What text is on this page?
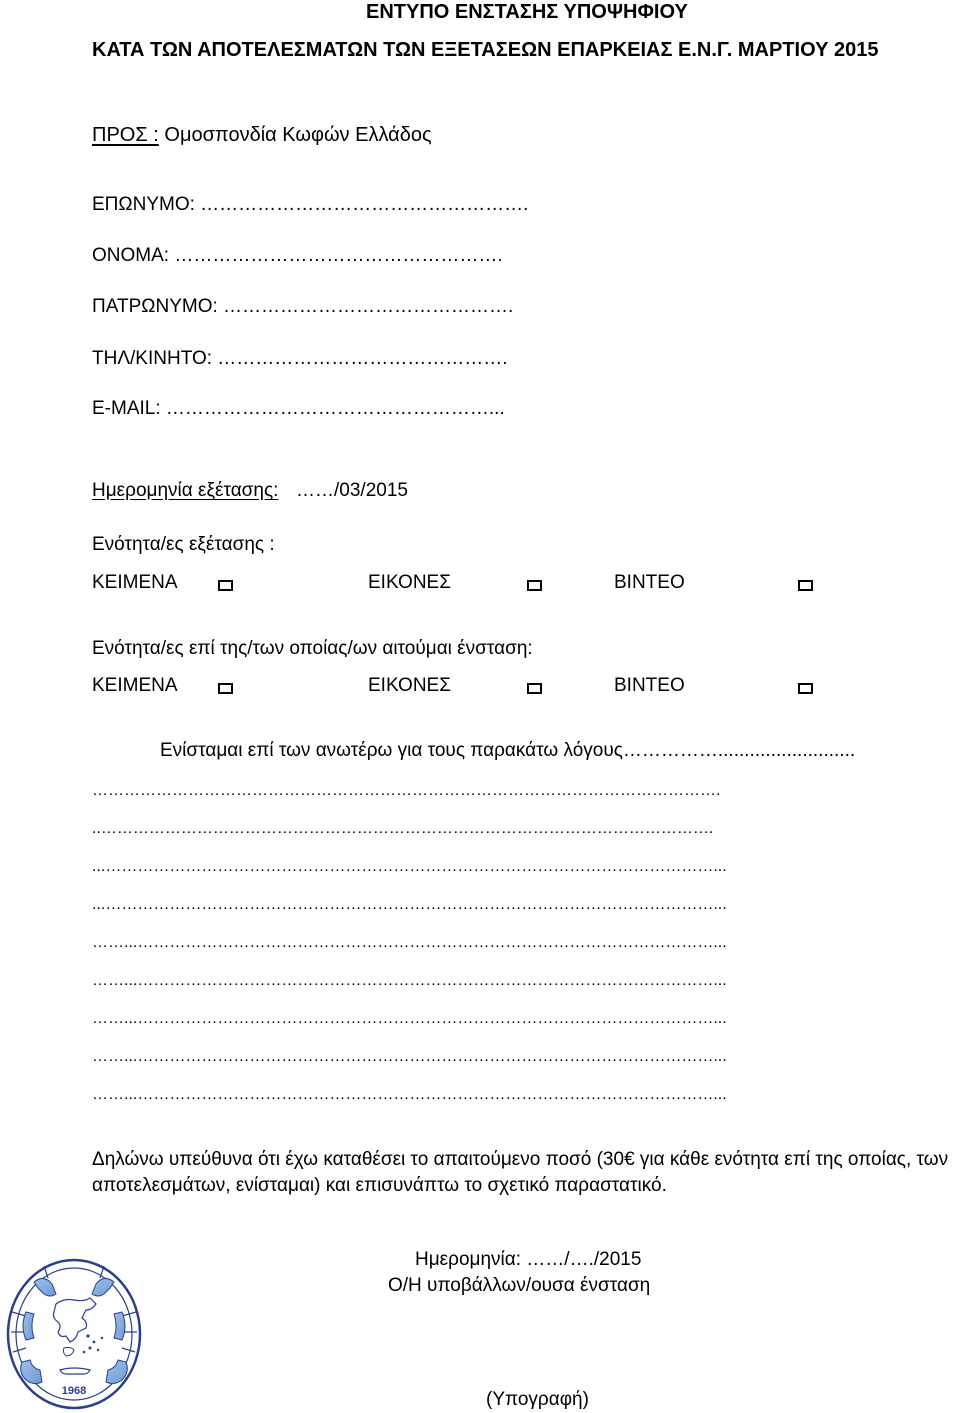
ΕΝΤΥΠΟ ΕΝΣΤΑΣΗΣ ΥΠΟΨΗΦΙΟΥ
ΚΑΤΑ ΤΩΝ ΑΠΟΤΕΛΕΣΜΑΤΩΝ ΤΩΝ ΕΞΕΤΑΣΕΩΝ ΕΠΑΡΚΕΙΑΣ Ε.Ν.Γ. ΜΑΡΤΙΟΥ 2015
ΠΡΟΣ : Ομοσπονδία Κωφών Ελλάδος
ΕΠΩΝΥΜΟ: …………………………………………….
ΟΝΟΜΑ: …………………………………………….
ΠΑΤΡΩΝΥΜΟ: ……………………………………….
ΤΗΛ/ΚΙΝΗΤΟ: ……………………………………….
E-MAIL: ……………………………………………...
Ημερομηνία εξέτασης: ……/03/2015
Ενότητα/ες εξέτασης :
ΚΕΙΜΕΝΑ	ΕΙΚΟΝΕΣ	ΒΙΝΤΕΟ
Ενότητα/ες επί της/των οποίας/ων αιτούμαι ένσταση:
ΚΕΙΜΕΝΑ	ΕΙΚΟΝΕΣ	ΒΙΝΤΕΟ
Ενίσταμαι επί των ανωτέρω για τους παρακάτω λόγους……………..........................
……………………………………………………………………………………………………….
..…………………………………………………………………………………………………….
...……………………………………………………………………………………………………...
...……………………………………………………………………………………………………...
……...………………………………………………………………………………………………...
……...………………………………………………………………………………………………...
……...………………………………………………………………………………………………...
……...………………………………………………………………………………………………...
……...………………………………………………………………………………………………...
Δηλώνω υπεύθυνα ότι έχω καταθέσει το απαιτούμενο ποσό (30€ για κάθε ενότητα επί της οποίας, των
αποτελεσμάτων, ενίσταμαι) και επισυνάπτω το σχετικό παραστατικό.
Ημερομηνία: ……/…./2015
Ο/Η υποβάλλων/ουσα ένσταση
(Υπογραφή)
1968
